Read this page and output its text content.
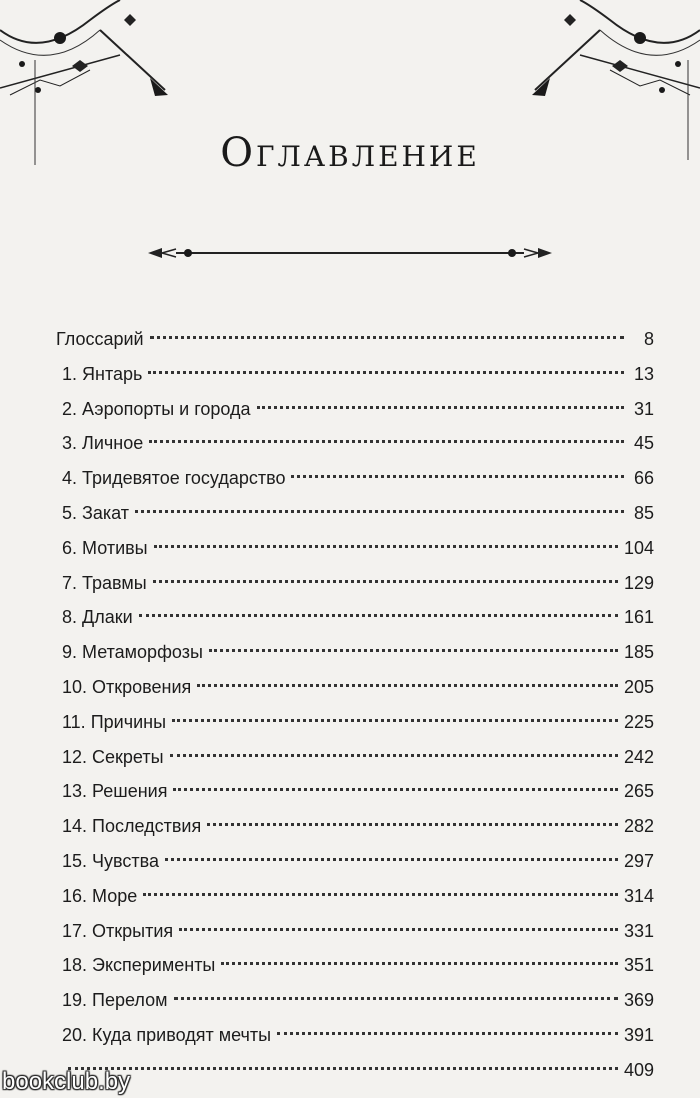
Оглавление
Глоссарий	8
1. Янтарь	13
2. Аэропорты и города	31
3. Личное	45
4. Тридевятое государство	66
5. Закат	85
6. Мотивы	104
7. Травмы	129
8. Длаки	161
9. Метаморфозы	185
10. Откровения	205
11. Причины	225
12. Секреты	242
13. Решения	265
14. Последствия	282
15. Чувства	297
16. Море	314
17. Открытия	331
18. Эксперименты	351
19. Перелом	369
20. Куда приводят мечты	391
409
bookclub.by
